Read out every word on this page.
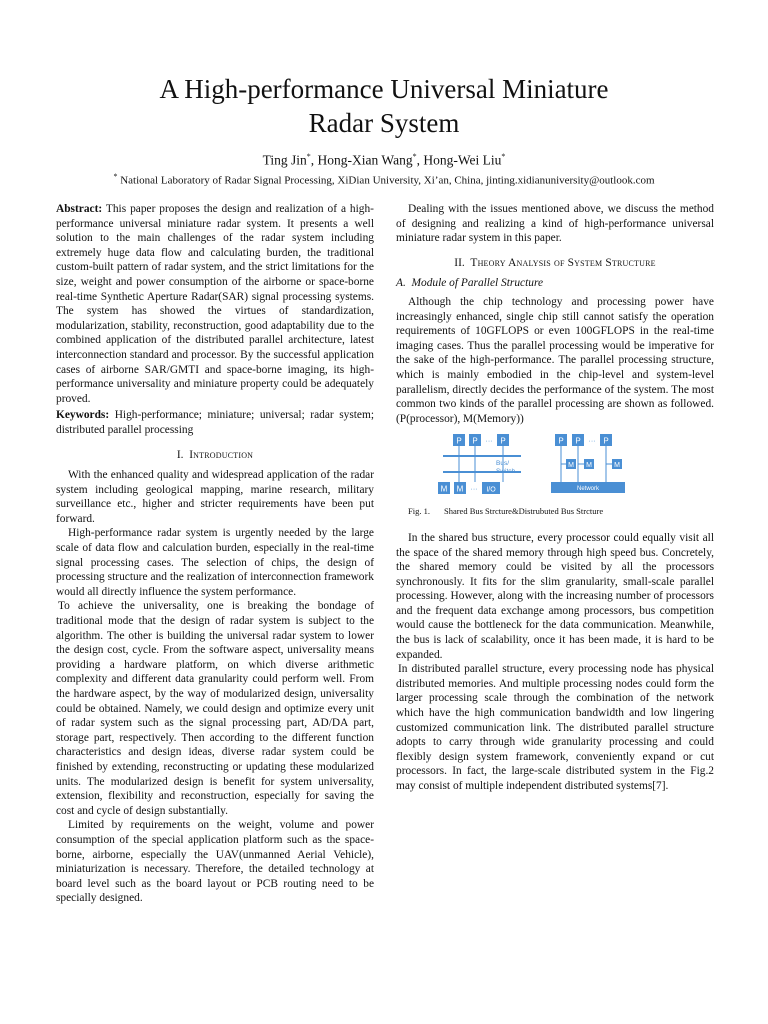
A High-performance Universal Miniature
Radar System
Ting Jin*, Hong-Xian Wang*, Hong-Wei Liu*
* National Laboratory of Radar Signal Processing, XiDian University, Xi’an, China, jinting.xidianuniversity@outlook.com

Abstract: This paper proposes the design and realization of a high-performance universal miniature radar system. It presents a well solution to the main challenges of the radar system including extremely huge data flow and calculating burden, the traditional custom-built pattern of radar system, and the strict limitations for the size, weight and power consumption of the airborne or space-borne real-time Synthetic Aperture Radar(SAR) signal processing systems. The system has showed the virtues of standardization, modularization, stability, reconstruction, good adaptability due to the combined application of the distributed parallel architecture, latest interconnection standard and processor. By the successful application cases of airborne SAR/GMTI and space-borne imaging, its high-performance universality and miniature property could be adequately proved.

Keywords: High-performance; miniature; universal; radar system; distributed parallel processing

I. Introduction

With the enhanced quality and widespread application of the radar system including geological mapping, marine research, military surveillance etc., higher and stricter requirements have been put forward.

High-performance radar system is urgently needed by the large scale of data flow and calculation burden, especially in the real-time signal processing cases. The selection of chips, the design of processing structure and the realization of interconnection framework would all directly influence the system performance.

To achieve the universality, one is breaking the bondage of traditional mode that the design of radar system is subject to the algorithm. The other is building the universal radar system to lower the design cost, cycle. From the software aspect, universality means providing a hardware platform, on which diverse arithmetic complexity and different data granularity could perform well. From the hardware aspect, by the way of modularized design, universality could be obtained. Namely, we could design and optimize every unit of radar system such as the signal processing part, AD/DA part, storage part, respectively. Then according to the different function characteristics and design ideas, diverse radar system could be finished by extending, reconstructing or updating these modularized units. The modularized design is benefit for system universality, extension, flexibility and reconstruction, especially for saving the cost and cycle of design substantially.

Limited by requirements on the weight, volume and power consumption of the special application platform such as the space-borne, airborne, especially the UAV(unmanned Aerial Vehicle), miniaturization is necessary. Therefore, the detailed technology at board level such as the board layout or PCB routing need to be specially designed.

Dealing with the issues mentioned above, we discuss the method of designing and realizing a kind of high-performance universal miniature radar system in this paper.

II. Theory Analysis of System Structure
A. Module of Parallel Structure

Although the chip technology and processing power have increasingly enhanced, single chip still cannot satisfy the operation requirements of 10GFLOPS or even 100GFLOPS in the real-time imaging cases. Thus the parallel processing would be imperative for the sake of the high-performance. The parallel processing structure, which is mainly embodied in the chip-level and system-level parallelism, directly decides the performance of the system. The most common two kinds of the parallel processing are shown as followed. (P(processor), M(Memory))

P P ··· P
Bus/
Switch
M M ··· I/O
P P ··· P
M M	M
Network
Fig. 1. Shared Bus Strcture&Distrubuted Bus Strcture

In the shared bus structure, every processor could equally visit all the space of the shared memory through high speed bus. Concretely, the shared memory could be visited by all the processors synchronously. It fits for the slim granularity, small-scale parallel processing. However, along with the increasing number of processors and the frequent data exchange among processors, bus competition would cause the bottleneck for the data communication. Meanwhile, the bus is lack of scalability, once it has been made, it is hard to be expanded.

In distributed parallel structure, every processing node has physical distributed memories. And multiple processing nodes could form the larger processing scale through the combination of the network which have the high communication bandwidth and low lingering customized communication link. The distributed parallel structure adopts to carry through wide granularity processing and could flexibly design system framework, conveniently expand or cut processors. In fact, the large-scale distributed system in the Fig.2 may consist of multiple independent distributed systems[7].
